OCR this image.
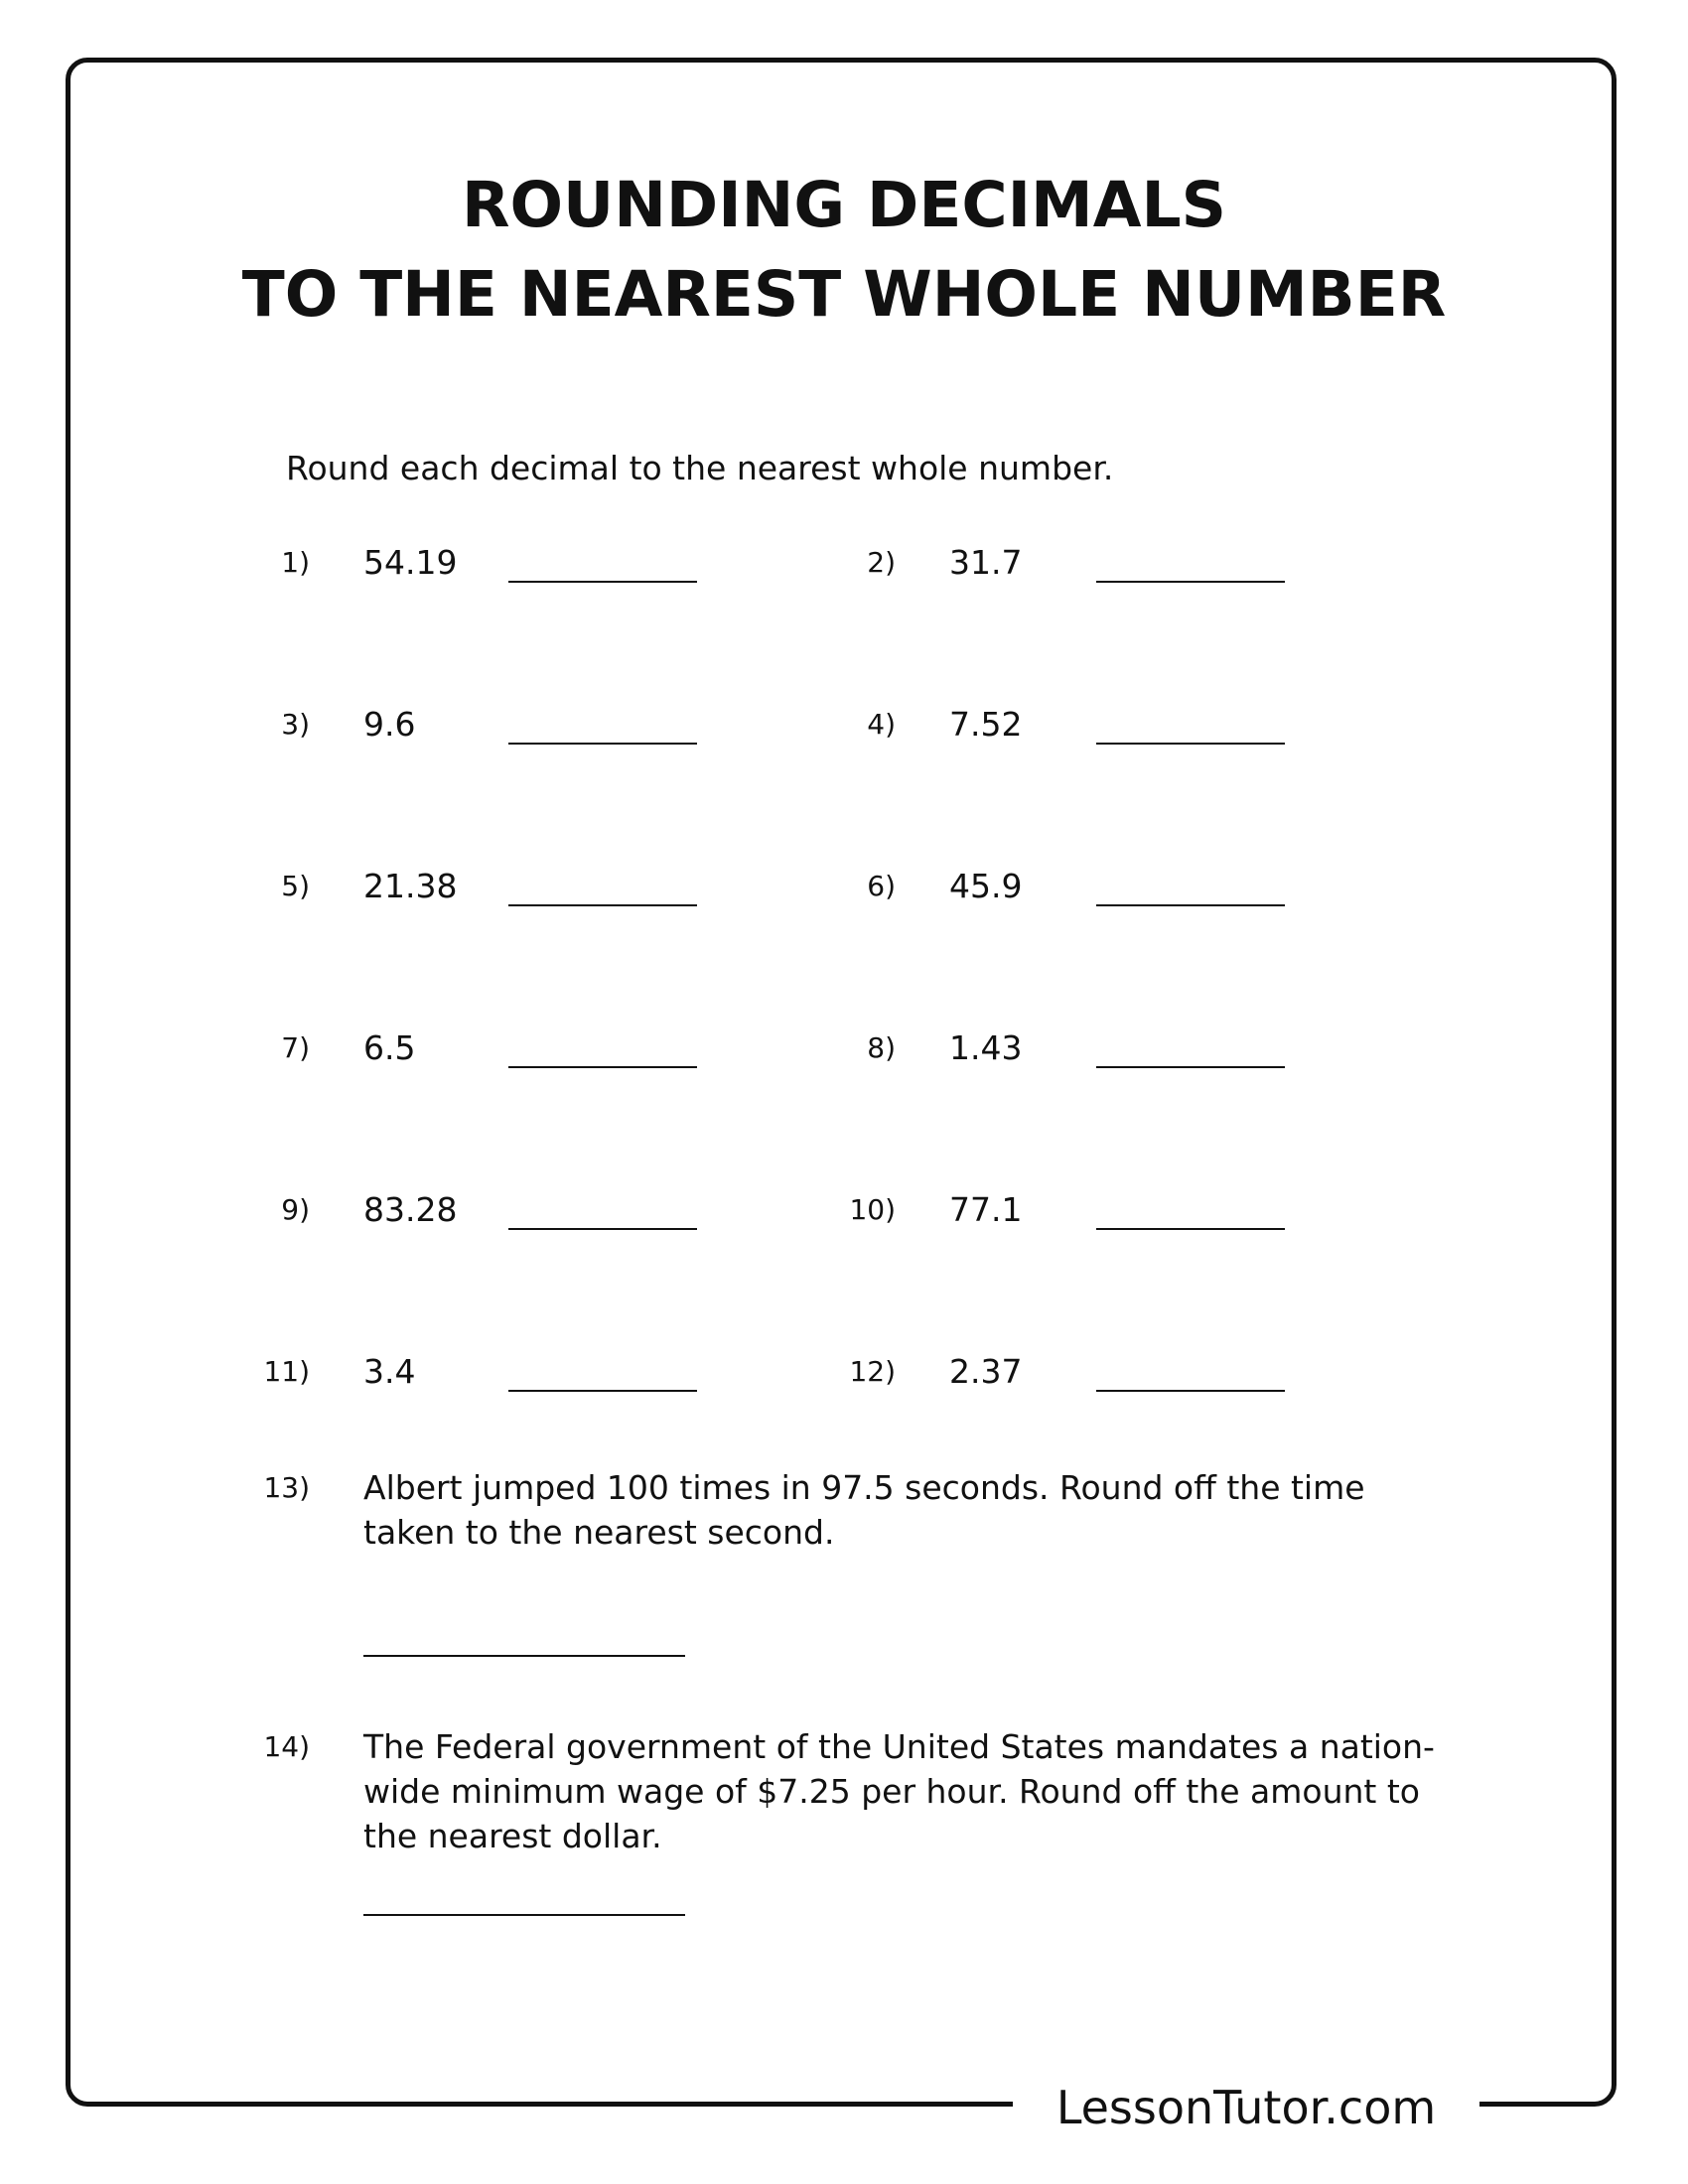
ROUNDING DECIMALS
TO THE NEAREST WHOLE NUMBER
Round each decimal to the nearest whole number.
1) 54.19	2) 31.7
3) 9.6	4) 7.52
5) 21.38	6) 45.9
7) 6.5	8) 1.43
9) 83.28	10) 77.1
11) 3.4	12) 2.37
13) Albert jumped 100 times in 97.5 seconds. Round off the time taken to the nearest second.
14) The Federal government of the United States mandates a nation-wide minimum wage of $7.25 per hour. Round off the amount to the nearest dollar.
LessonTutor.com
